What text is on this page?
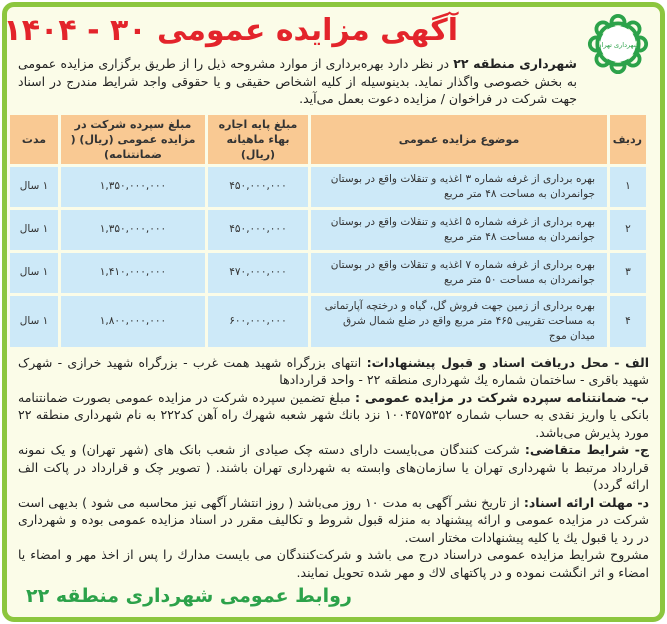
شهرداری تهران
آگهی مزایده عمومی ۳۰ - ۱۴۰۴
شهرداری منطقه ۲۲ در نظر دارد بهره‌برداری از موارد مشروحه ذیل را از طریق برگزاری مزایده عمومی به بخش خصوصی واگذار نماید. بدینوسیله از کلیه اشخاص حقیقی و یا حقوقی واجد شرایط مندرج در اسناد جهت شرکت در فراخوان / مزایده دعوت بعمل می‌آید.
ردیف	موضوع مزایده عمومی	مبلغ پایه اجاره بهاء ماهیانه (ریال)	مبلغ سپرده شرکت در مزایده عمومی (ریال) ( ضمانتنامه)	مدت
۱	بهره برداری از غرفه شماره ۳ اغذیه و تنقلات واقع در بوستان جوانمردان به مساحت ۴۸ متر مربع	۴۵۰,۰۰۰,۰۰۰	۱,۳۵۰,۰۰۰,۰۰۰	۱ سال
۲	بهره برداری از غرفه شماره ۵ اغذیه و تنقلات واقع در بوستان جوانمردان به مساحت ۴۸ متر مربع	۴۵۰,۰۰۰,۰۰۰	۱,۳۵۰,۰۰۰,۰۰۰	۱ سال
۳	بهره برداری از غرفه شماره ۷ اغذیه و تنقلات واقع در بوستان جوانمردان به مساحت ۵۰ متر مربع	۴۷۰,۰۰۰,۰۰۰	۱,۴۱۰,۰۰۰,۰۰۰	۱ سال
۴	بهره برداری از زمین جهت فروش گل، گیاه و درختچه آپارتمانی به مساحت تقریبی ۴۶۵ متر مربع واقع در ضلع شمال شرق میدان موج	۶۰۰,۰۰۰,۰۰۰	۱,۸۰۰,۰۰۰,۰۰۰	۱ سال

الف - محل دریافت اسناد و قبول پیشنهادات: انتهای بزرگراه شهید همت غرب - بزرگراه شهید خرازی - شهرک شهید باقری - ساختمان شماره یك شهرداری منطقه ۲۲ - واحد قراردادها

ب- ضمانتنامه سپرده شرکت در مزایده عمومی : مبلغ تضمین سپرده شرکت در مزایده عمومی بصورت ضمانتنامه بانکی یا واریز نقدی به حساب شماره ۱۰۰۴۵۷۵۳۵۲ نزد بانك شهر شعبه شهرك راه آهن کد۲۲۲ به نام شهرداری منطقه ۲۲ مورد پذیرش می‌باشد.

ج- شرایط متقاضی: شرکت کنندگان می‌بایست دارای دسته چک صیادی از شعب بانک های (شهر تهران) و یک نمونه قرارداد مرتبط با شهرداری تهران یا سازمان‌های وابسته به شهرداری تهران باشند. ( تصویر چک و قرارداد در پاکت الف ارائه گردد)

د- مهلت ارائه اسناد: از تاریخ نشر آگهی به مدت ۱۰ روز می‌باشد ( روز انتشار آگهی نیز محاسبه می شود ) بدیهی است شرکت در مزایده عمومی و ارائه پیشنهاد به منزله قبول شروط و تکالیف مقرر در اسناد مزایده عمومی بوده و شهرداری در رد یا قبول یك یا کلیه پیشنهادات مختار است.

مشروح شرایط مزایده عمومی دراسناد درج می باشد و شرکت‌کنندگان می بایست مدارك را پس از اخذ مهر و امضاء یا امضاء و اثر انگشت نموده و در پاکتهای لاك و مهر شده تحویل نمایند.

روابط عمومی شهرداری منطقه ۲۲
